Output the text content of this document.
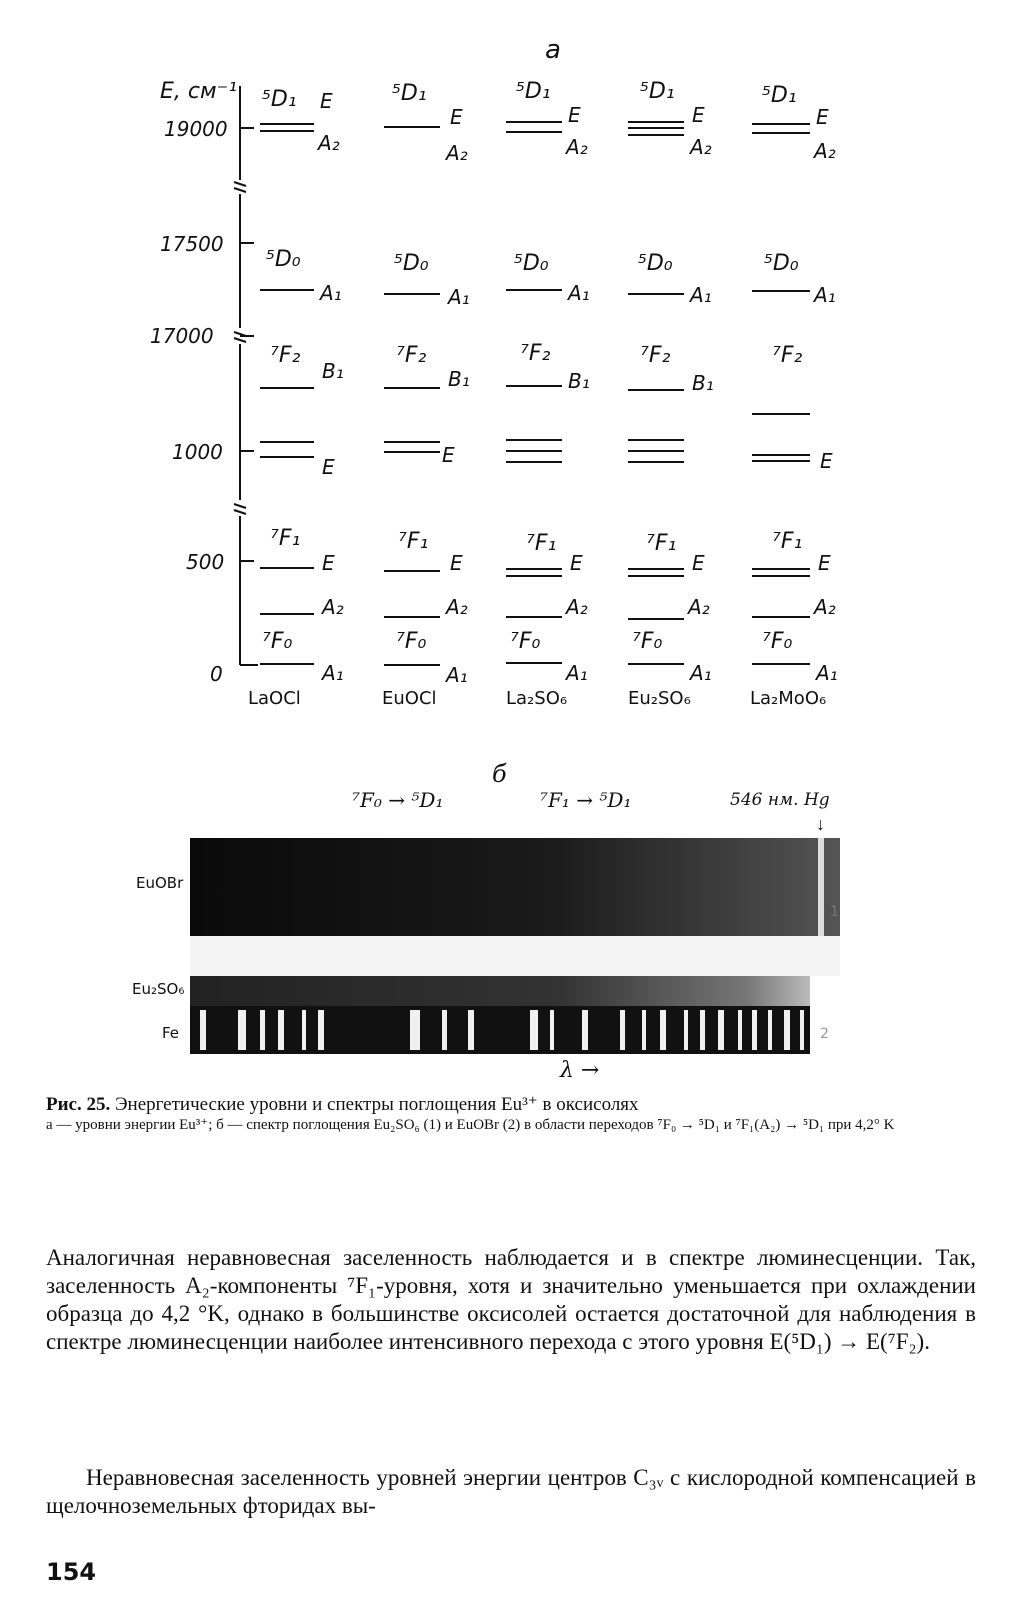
a
E, см⁻¹
19000
17500
17000
1000
500
0
⁵D₁ E
A₂
⁵D₀
A₁
⁷F₂
B₁
E
⁷F₁
E
A₂
⁷F₀
A₁
LaOCl
⁵D₁
E
A₂
⁵D₀
A₁
⁷F₂
B₁
E
⁷F₁
E
A₂
⁷F₀
A₁
EuOCl
⁵D₁
E
A₂
⁵D₀
A₁
⁷F₂
B₁
⁷F₁
E
A₂
⁷F₀
A₁
La₂SO₆
⁵D₁
E
A₂
⁵D₀
A₁
⁷F₂
B₁
⁷F₁
E
A₂
⁷F₀
A₁
Eu₂SO₆
⁵D₁
E
A₂
⁵D₀
A₁
⁷F₂
E
⁷F₁
E
A₂
⁷F₀
A₁
La₂MoO₆
б
⁷F₀ → ⁵D₁	⁷F₁ → ⁵D₁	546 нм. Hg
↓
EuOBr
Eu₂SO₆
Fe
1
2
λ →
Рис. 25. Энергетические уровни и спектры поглощения Eu³⁺ в оксисолях
а — уровни энергии Eu³⁺; б — спектр поглощения Eu₂SO₆ (1) и EuOBr (2) в области переходов ⁷F₀ → ⁵D₁ и ⁷F₁(A₂) → ⁵D₁ при 4,2° K
Аналогичная неравновесная заселенность наблюдается и в спектре люминесценции. Так, заселенность A₂-компоненты ⁷F₁-уровня, хотя и значительно уменьшается при охлаждении образца до 4,2 °K, однако в большинстве оксисолей остается достаточной для наблюдения в спектре люминесценции наиболее интенсивного перехода с этого уровня E(⁵D₁) → E(⁷F₂).
Неравновесная заселенность уровней энергии центров C₃ᵥ с кислородной компенсацией в щелочноземельных фторидах вы-
154
